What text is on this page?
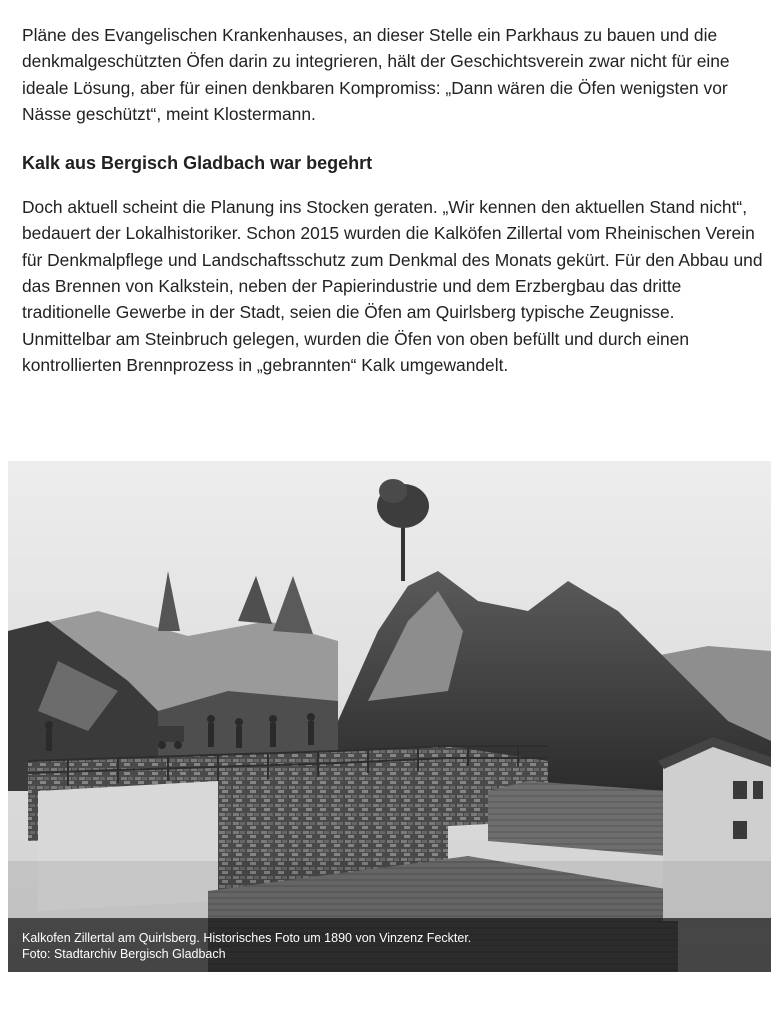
Pläne des Evangelischen Krankenhauses, an dieser Stelle ein Parkhaus zu bauen und die denkmalgeschützten Öfen darin zu integrieren, hält der Geschichtsverein zwar nicht für eine ideale Lösung, aber für einen denkbaren Kompromiss: „Dann wären die Öfen wenigsten vor Nässe geschützt“, meint Klostermann.

Kalk aus Bergisch Gladbach war begehrt

Doch aktuell scheint die Planung ins Stocken geraten. „Wir kennen den aktuellen Stand nicht“, bedauert der Lokalhistoriker. Schon 2015 wurden die Kalköfen Zillertal vom Rheinischen Verein für Denkmalpflege und Landschaftsschutz zum Denkmal des Monats gekürt. Für den Abbau und das Brennen von Kalkstein, neben der Papierindustrie und dem Erzbergbau das dritte traditionelle Gewerbe in der Stadt, seien die Öfen am Quirlsberg typische Zeugnisse. Unmittelbar am Steinbruch gelegen, wurden die Öfen von oben befüllt und durch einen kontrollierten Brennprozess in „gebrannten“ Kalk umgewandelt.

Kalkofen Zillertal am Quirlsberg. Historisches Foto um 1890 von Vinzenz Feckter.
Foto: Stadtarchiv Bergisch Gladbach
